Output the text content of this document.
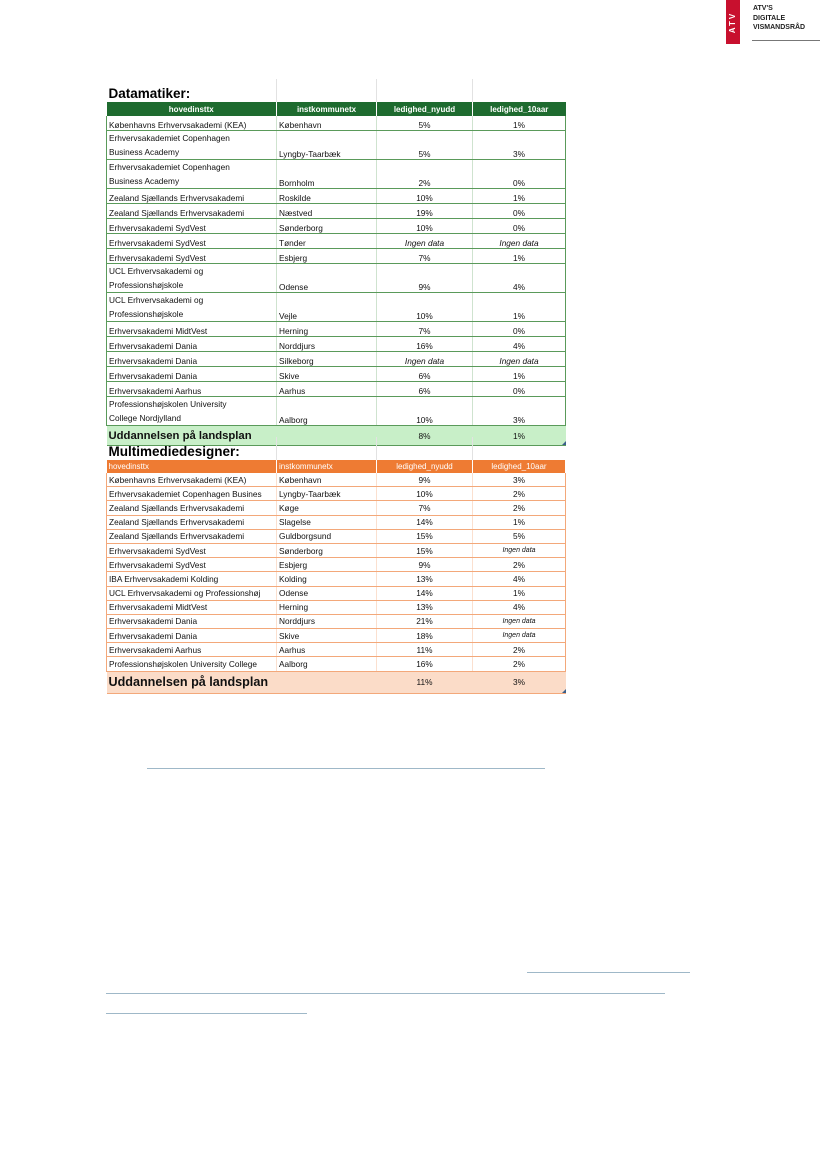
ATV
ATV'S
DIGITALE
VISMANDSRÅD
Datamatiker:			
hovedinsttx	instkommunetx	ledighed_nyudd	ledighed_10aar
Københavns Erhvervsakademi (KEA)	København	5%	1%

Erhvervsakademiet Copenhagen
Business Academy	Lyngby-Taarbæk	5%	3%

Erhvervsakademiet Copenhagen
Business Academy	Bornholm	2%	0%
Zealand Sjællands Erhvervsakademi	Roskilde	10%	1%
Zealand Sjællands Erhvervsakademi	Næstved	19%	0%
Erhvervsakademi SydVest	Sønderborg	10%	0%
Erhvervsakademi SydVest	Tønder	Ingen data	Ingen data
Erhvervsakademi SydVest	Esbjerg	7%	1%

UCL Erhvervsakademi og
Professionshøjskole	Odense	9%	4%

UCL Erhvervsakademi og
Professionshøjskole	Vejle	10%	1%
Erhvervsakademi MidtVest	Herning	7%	0%
Erhvervsakademi Dania	Norddjurs	16%	4%
Erhvervsakademi Dania	Silkeborg	Ingen data	Ingen data
Erhvervsakademi Dania	Skive	6%	1%
Erhvervsakademi Aarhus	Aarhus	6%	0%

Professionshøjskolen University
College Nordjylland	Aalborg	10%	3%
Uddannelsen på landsplan		8%	1%
Multimediedesigner:			
hovedinsttx	instkommunetx	ledighed_nyudd	ledighed_10aar
Københavns Erhvervsakademi (KEA)	København	9%	3%
Erhvervsakademiet Copenhagen Busines	Lyngby-Taarbæk	10%	2%
Zealand Sjællands Erhvervsakademi	Køge	7%	2%
Zealand Sjællands Erhvervsakademi	Slagelse	14%	1%
Zealand Sjællands Erhvervsakademi	Guldborgsund	15%	5%
Erhvervsakademi SydVest	Sønderborg	15%	Ingen data
Erhvervsakademi SydVest	Esbjerg	9%	2%
IBA Erhvervsakademi Kolding	Kolding	13%	4%
UCL Erhvervsakademi og Professionshøj	Odense	14%	1%
Erhvervsakademi MidtVest	Herning	13%	4%
Erhvervsakademi Dania	Norddjurs	21%	Ingen data
Erhvervsakademi Dania	Skive	18%	Ingen data
Erhvervsakademi Aarhus	Aarhus	11%	2%
Professionshøjskolen University College	Aalborg	16%	2%
Uddannelsen på landsplan		11%	3%
